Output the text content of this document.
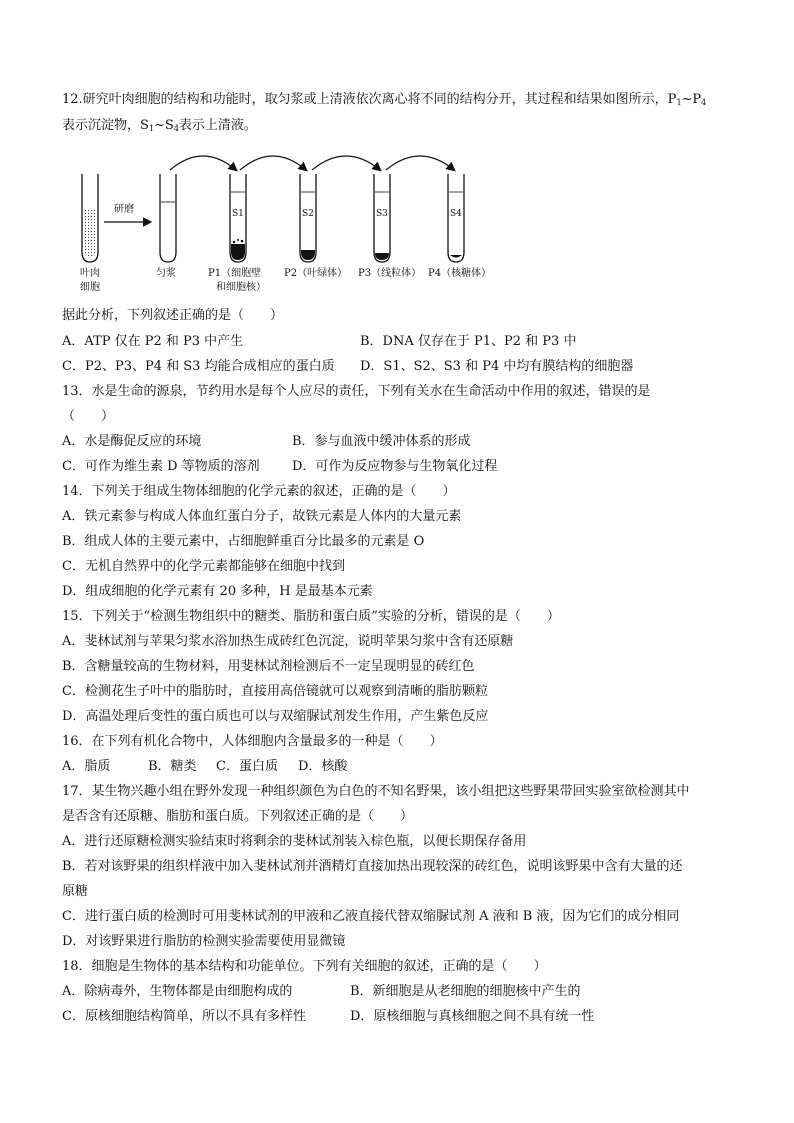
12.研究叶肉细胞的结构和功能时，取匀浆或上清液依次离心将不同的结构分开，其过程和结果如图所示，$P_1\sim P_4$
表示沉淀物，$S_1\sim S_4$表示上清液。
研磨
叶肉
细胞
匀浆
S1	S2	S3	S4
P1（细胞壁
和细胞核）
P2（叶绿体） P3（线粒体） P4（核糖体）
据此分析，下列叙述正确的是（　　）
A．ATP 仅在 P2 和 P3 中产生	B．DNA 仅存在于 P1、P2 和 P3 中
C．P2、P3、P4 和 S3 均能合成相应的蛋白质 D．S1、S2、S3 和 P4 中均有膜结构的细胞器
13．水是生命的源泉，节约用水是每个人应尽的责任，下列有关水在生命活动中作用的叙述，错误的是
（　　）
A．水是酶促反应的环境	B．参与血液中缓冲体系的形成
C．可作为维生素 D 等物质的溶剂 D．可作为反应物参与生物氧化过程
14．下列关于组成生物体细胞的化学元素的叙述，正确的是（　　）
A．铁元素参与构成人体血红蛋白分子，故铁元素是人体内的大量元素
B．组成人体的主要元素中，占细胞鲜重百分比最多的元素是 O
C．无机自然界中的化学元素都能够在细胞中找到
D．组成细胞的化学元素有 20 多种，H 是最基本元素
15．下列关于“检测生物组织中的糖类、脂肪和蛋白质”实验的分析，错误的是（　　）
A．斐林试剂与苹果匀浆水浴加热生成砖红色沉淀，说明苹果匀浆中含有还原糖
B．含糖量较高的生物材料，用斐林试剂检测后不一定呈现明显的砖红色
C．检测花生子叶中的脂肪时，直接用高倍镜就可以观察到清晰的脂肪颗粒
D．高温处理后变性的蛋白质也可以与双缩脲试剂发生作用，产生紫色反应
16．在下列有机化合物中，人体细胞内含量最多的一种是（　　）
A．脂质	B．糖类 C．蛋白质 D．核酸
17．某生物兴趣小组在野外发现一种组织颜色为白色的不知名野果，该小组把这些野果带回实验室欲检测其中
是否含有还原糖、脂肪和蛋白质。下列叙述正确的是（　　）
A．进行还原糖检测实验结束时将剩余的斐林试剂装入棕色瓶，以便长期保存备用
B．若对该野果的组织样液中加入斐林试剂并酒精灯直接加热出现较深的砖红色，说明该野果中含有大量的还
原糖
C．进行蛋白质的检测时可用斐林试剂的甲液和乙液直接代替双缩脲试剂 A 液和 B 液，因为它们的成分相同
D．对该野果进行脂肪的检测实验需要使用显微镜
18．细胞是生物体的基本结构和功能单位。下列有关细胞的叙述，正确的是（　　）
A．除病毒外，生物体都是由细胞构成的	B．新细胞是从老细胞的细胞核中产生的
C．原核细胞结构简单，所以不具有多样性	D．原核细胞与真核细胞之间不具有统一性
